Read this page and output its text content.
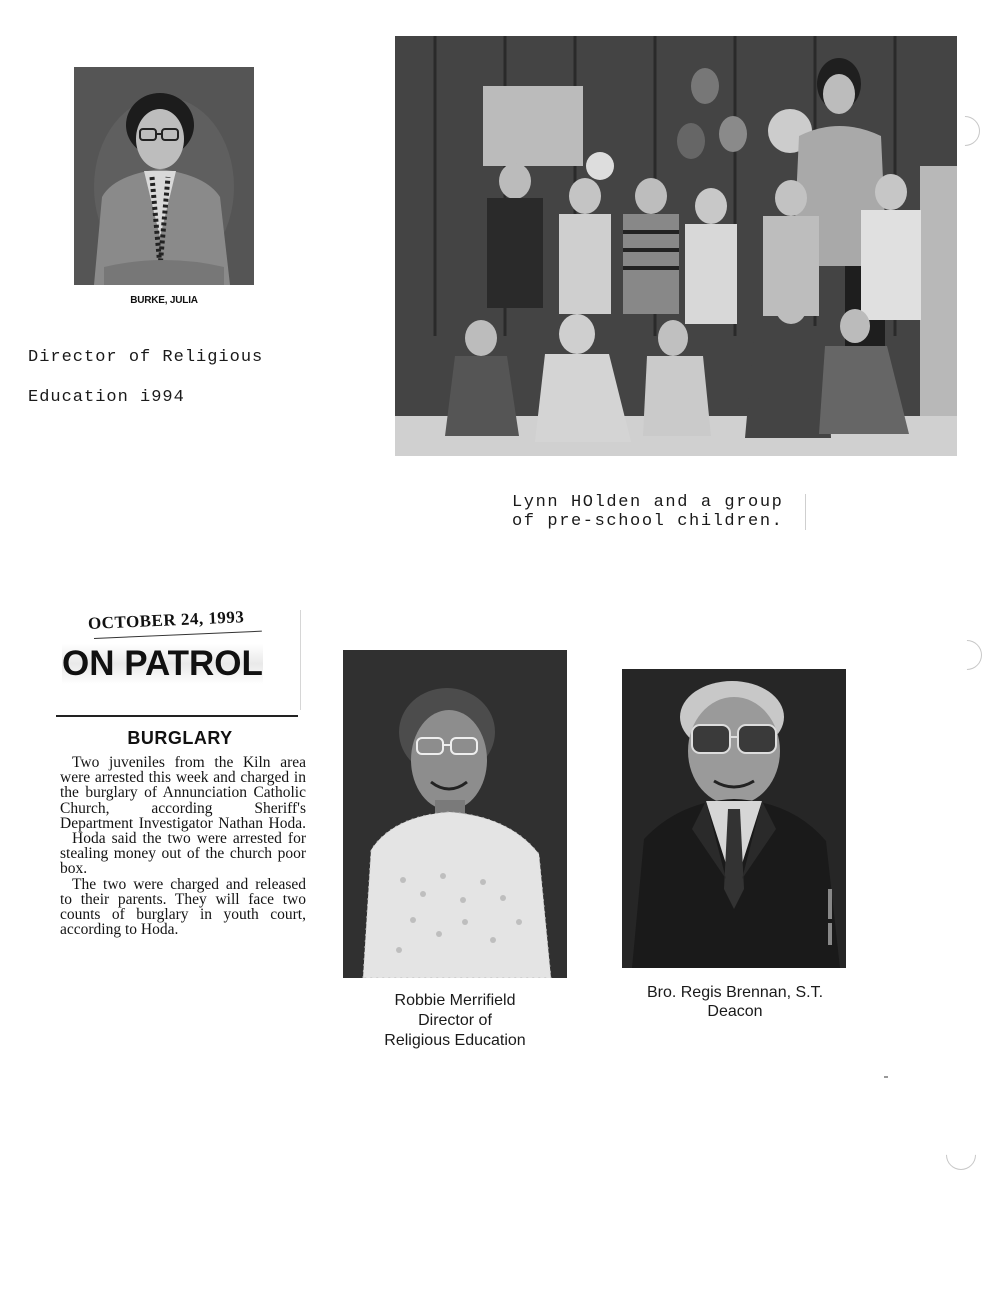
BURKE, JULIA

Director of Religious

Education i994

Lynn HOlden and a group

of pre-school children.

OCTOBER 24, 1993
ON PATROL
BURGLARY

Two juveniles from the Kiln area were arrested this week and charged in the burglary of Annunciation Catholic Church, according Sheriff's Department Investigator Nathan Hoda.

Hoda said the two were arrested for stealing money out of the church poor box.

The two were charged and released to their parents. They will face two counts of burglary in youth court, according to Hoda.

Robbie Merrifield

Director of

Religious Education

Bro. Regis Brennan, S.T.

Deacon
